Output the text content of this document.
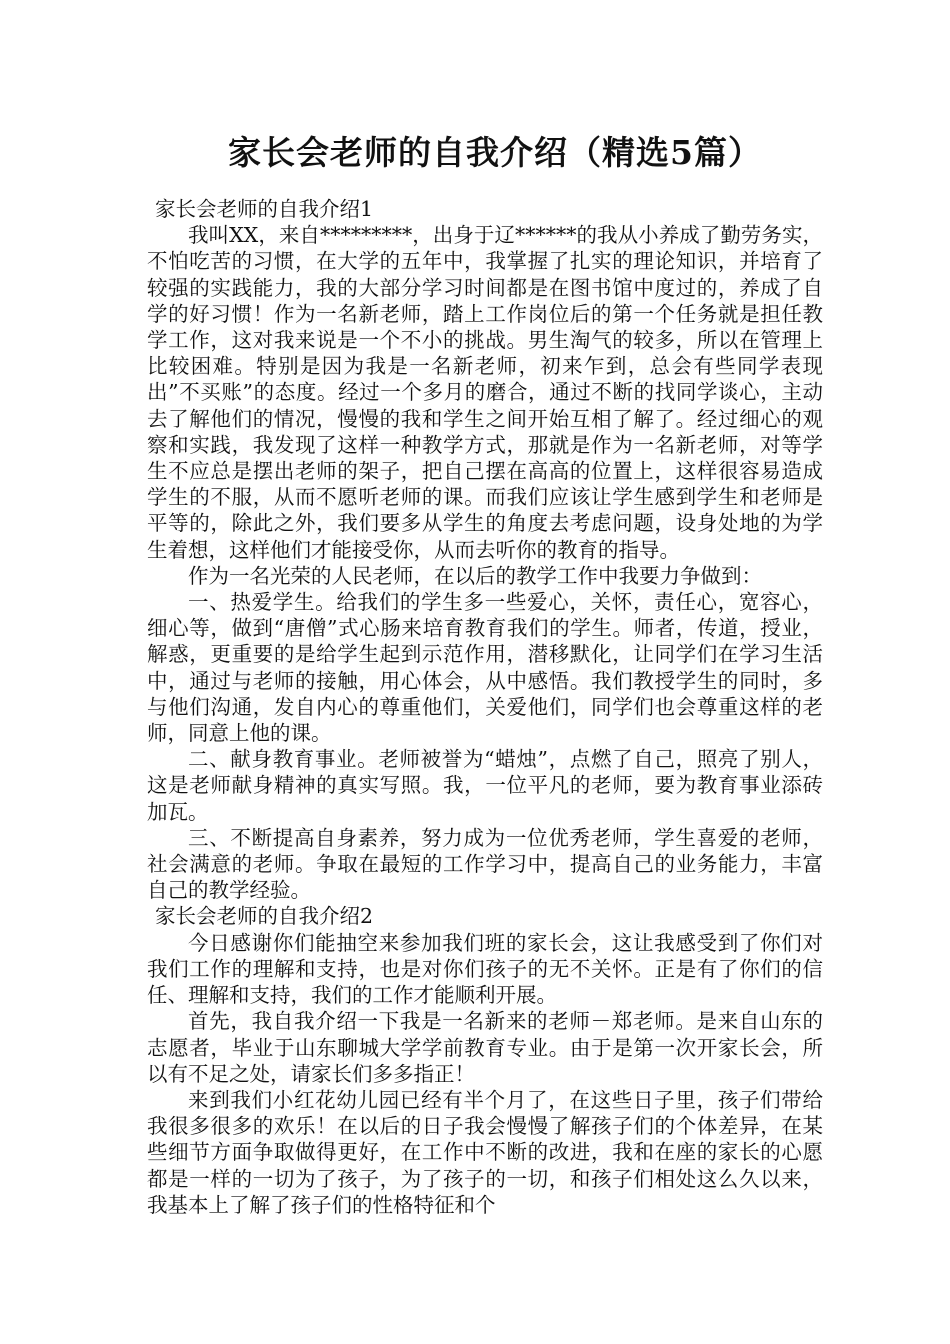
家长会老师的自我介绍（精选5篇）

家长会老师的自我介绍1

我叫XX，来自*********，出身于辽******的我从小养成了勤劳务实，不怕吃苦的习惯，在大学的五年中，我掌握了扎实的理论知识，并培育了较强的实践能力，我的大部分学习时间都是在图书馆中度过的，养成了自学的好习惯！作为一名新老师，踏上工作岗位后的第一个任务就是担任教学工作，这对我来说是一个不小的挑战。男生淘气的较多，所以在管理上比较困难。特别是因为我是一名新老师，初来乍到，总会有些同学表现出”不买账”的态度。经过一个多月的磨合，通过不断的找同学谈心，主动去了解他们的情况，慢慢的我和学生之间开始互相了解了。经过细心的观察和实践，我发现了这样一种教学方式，那就是作为一名新老师，对等学生不应总是摆出老师的架子，把自己摆在高高的位置上，这样很容易造成学生的不服，从而不愿听老师的课。而我们应该让学生感到学生和老师是平等的，除此之外，我们要多从学生的角度去考虑问题，设身处地的为学生着想，这样他们才能接受你，从而去听你的教育的指导。

作为一名光荣的人民老师，在以后的教学工作中我要力争做到：

一、热爱学生。给我们的学生多一些爱心，关怀，责任心，宽容心，细心等，做到“唐僧”式心肠来培育教育我们的学生。师者，传道，授业，解惑，更重要的是给学生起到示范作用，潜移默化，让同学们在学习生活中，通过与老师的接触，用心体会，从中感悟。我们教授学生的同时，多与他们沟通，发自内心的尊重他们，关爱他们，同学们也会尊重这样的老师，同意上他的课。

二、献身教育事业。老师被誉为“蜡烛”，点燃了自己，照亮了别人，这是老师献身精神的真实写照。我，一位平凡的老师，要为教育事业添砖加瓦。

三、不断提高自身素养，努力成为一位优秀老师，学生喜爱的老师，社会满意的老师。争取在最短的工作学习中，提高自己的业务能力，丰富自己的教学经验。

家长会老师的自我介绍2

今日感谢你们能抽空来参加我们班的家长会，这让我感受到了你们对我们工作的理解和支持，也是对你们孩子的无不关怀。正是有了你们的信任、理解和支持，我们的工作才能顺利开展。

首先，我自我介绍一下我是一名新来的老师－郑老师。是来自山东的志愿者，毕业于山东聊城大学学前教育专业。由于是第一次开家长会，所以有不足之处，请家长们多多指正！

来到我们小红花幼儿园已经有半个月了，在这些日子里，孩子们带给我很多很多的欢乐！在以后的日子我会慢慢了解孩子们的个体差异，在某些细节方面争取做得更好，在工作中不断的改进，我和在座的家长的心愿都是一样的一切为了孩子，为了孩子的一切，和孩子们相处这么久以来，我基本上了解了孩子们的性格特征和个
